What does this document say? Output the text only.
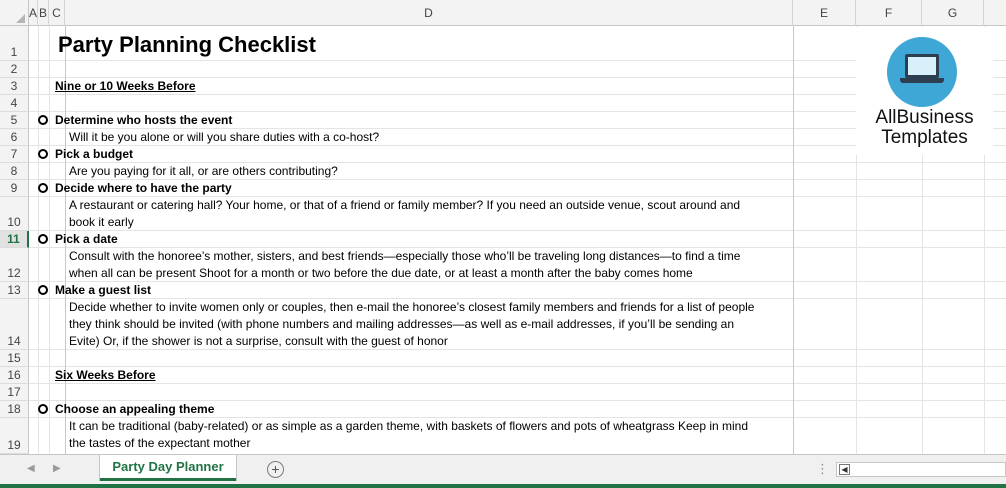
A B C	D	E	F	G
1
2
3
4
5
6
7
8
9
10
11
12
13
14
15
16
17
18
19
Party Planning Checklist
Nine or 10 Weeks Before
Determine who hosts the event
Will it be you alone or will you share duties with a co-host?
Pick a budget
Are you paying for it all, or are others contributing?
Decide where to have the party
A restaurant or catering hall? Your home, or that of a friend or family member? If you need an outside venue, scout around and
book it early
Pick a date
Consult with the honoree’s mother, sisters, and best friends—especially those who’ll be traveling long distances—to find a time
when all can be present Shoot for a month or two before the due date, or at least a month after the baby comes home
Make a guest list
Decide whether to invite women only or couples, then e-mail the honoree’s closest family members and friends for a list of people
they think should be invited (with phone numbers and mailing addresses—as well as e-mail addresses, if you’ll be sending an
Evite) Or, if the shower is not a surprise, consult with the guest of honor
Six Weeks Before
Choose an appealing theme
It can be traditional (baby-related) or as simple as a garden theme, with baskets of flowers and pots of wheatgrass Keep in mind
the tastes of the expectant mother
AllBusiness
Templates
◀ ▶	Party Day Planner	+	⋮	◀
